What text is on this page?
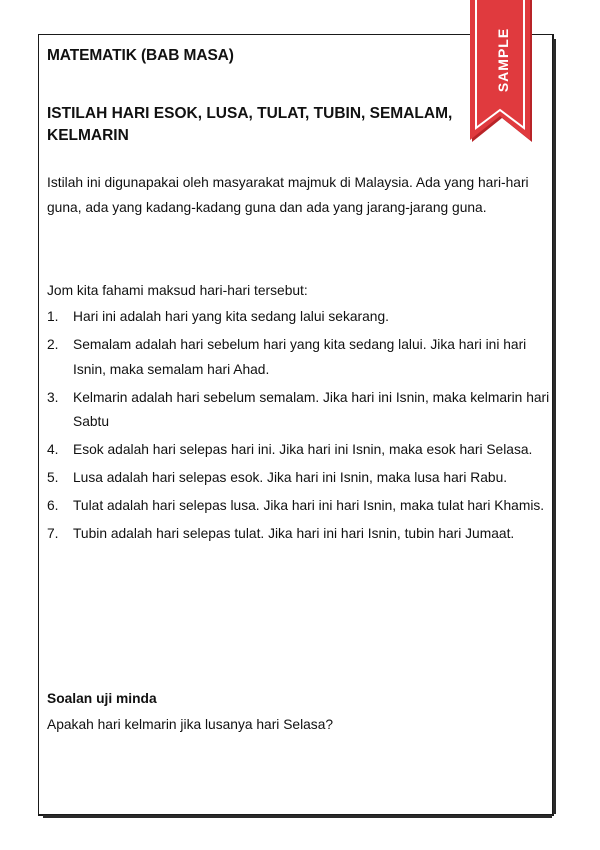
MATEMATIK (BAB MASA)
ISTILAH HARI ESOK, LUSA, TULAT, TUBIN, SEMALAM, KELMARIN
Istilah ini digunapakai oleh masyarakat majmuk di Malaysia. Ada yang hari-hari guna, ada yang kadang-kadang guna dan ada yang jarang-jarang guna.
Jom kita fahami maksud hari-hari tersebut:
1.	Hari ini adalah hari yang kita sedang lalui sekarang.
2.	Semalam adalah hari sebelum hari yang kita sedang lalui. Jika hari ini hari Isnin, maka semalam hari Ahad.
3.	Kelmarin adalah hari sebelum semalam. Jika hari ini Isnin, maka kelmarin hari Sabtu
4.	Esok adalah hari selepas hari ini. Jika hari ini Isnin, maka esok hari Selasa.
5.	Lusa adalah hari selepas esok. Jika hari ini Isnin, maka lusa hari Rabu.
6.	Tulat adalah hari selepas lusa. Jika hari ini hari Isnin, maka tulat hari Khamis.
7.	Tubin adalah hari selepas tulat. Jika hari ini hari Isnin, tubin hari Jumaat.
Soalan uji minda
Apakah hari kelmarin jika lusanya hari Selasa?
SAMPLE
